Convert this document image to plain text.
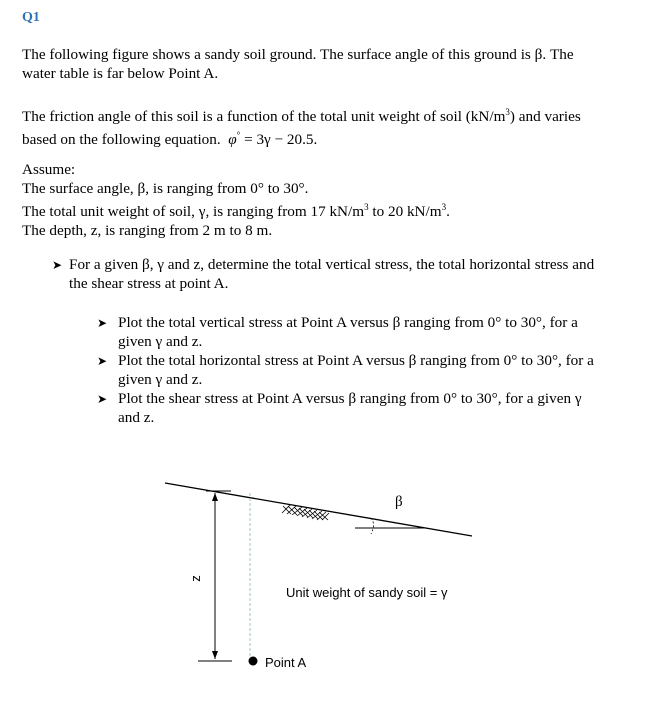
Q1
The following figure shows a sandy soil ground. The surface angle of this ground is β. The
water table is far below Point A.
The friction angle of this soil is a function of the total unit weight of soil $(kN/m^3)$ and varies
based on the following equation. φ° = 3γ − 20.5.
Assume:
The surface angle, β, is ranging from 0° to 30°.
The total unit weight of soil, γ, is ranging from 17 $kN/m^3$ to 20 $kN/m^3$.
The depth, z, is ranging from 2 m to 8 m.
➤ For a given β, γ and z, determine the total vertical stress, the total horizontal stress and
the shear stress at point A.
➤ Plot the total vertical stress at Point A versus β ranging from 0° to 30°, for a
given γ and z.
➤ Plot the total horizontal stress at Point A versus β ranging from 0° to 30°, for a
given γ and z.
➤ Plot the shear stress at Point A versus β ranging from 0° to 30°, for a given γ
and z.
β
z
Unit weight of sandy soil = γ
Point A
